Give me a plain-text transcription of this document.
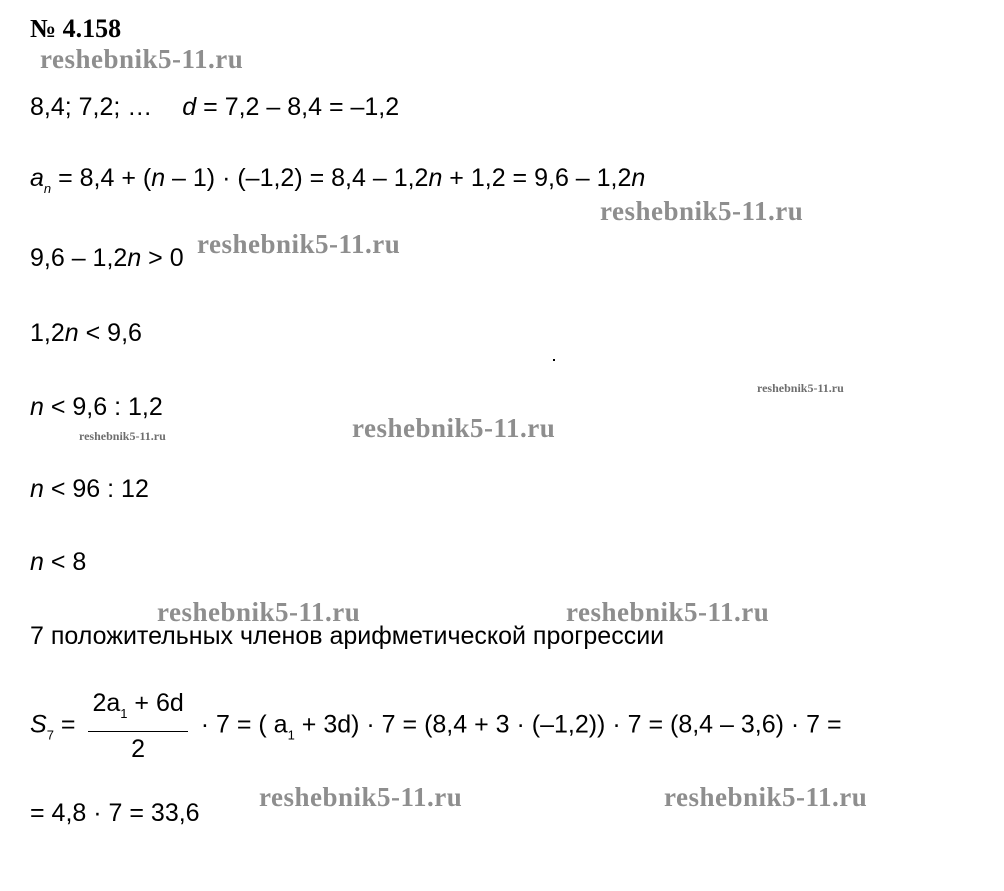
№ 4.158
reshebnik5-11.ru
reshebnik5-11.ru
reshebnik5-11.ru
reshebnik5-11.ru
reshebnik5-11.ru	reshebnik5-11.ru
reshebnik5-11.ru	reshebnik5-11.ru
reshebnik5-11.ru	reshebnik5-11.ru
8,4; 7,2; … d = 7,2 – 8,4 = –1,2
$a_n = 8,4 + (n - 1) \cdot (-1,2) = 8,4 - 1,2n + 1,2 = 9,6 - 1,2n$
9,6 – 1,2n > 0
1,2n < 9,6
n < 9,6 : 1,2
n < 96 : 12
n < 8
7 положительных членов арифметической прогрессии
$S_7 = \frac{2a_1 + 6d}{2} \cdot 7$ = ( $a_1 + 3d) \cdot 7 = (8,4 + 3 \cdot (-1,2)) \cdot 7 = (8,4 - 3,6) \cdot 7$ =
= 4,8 · 7 = 33,6
